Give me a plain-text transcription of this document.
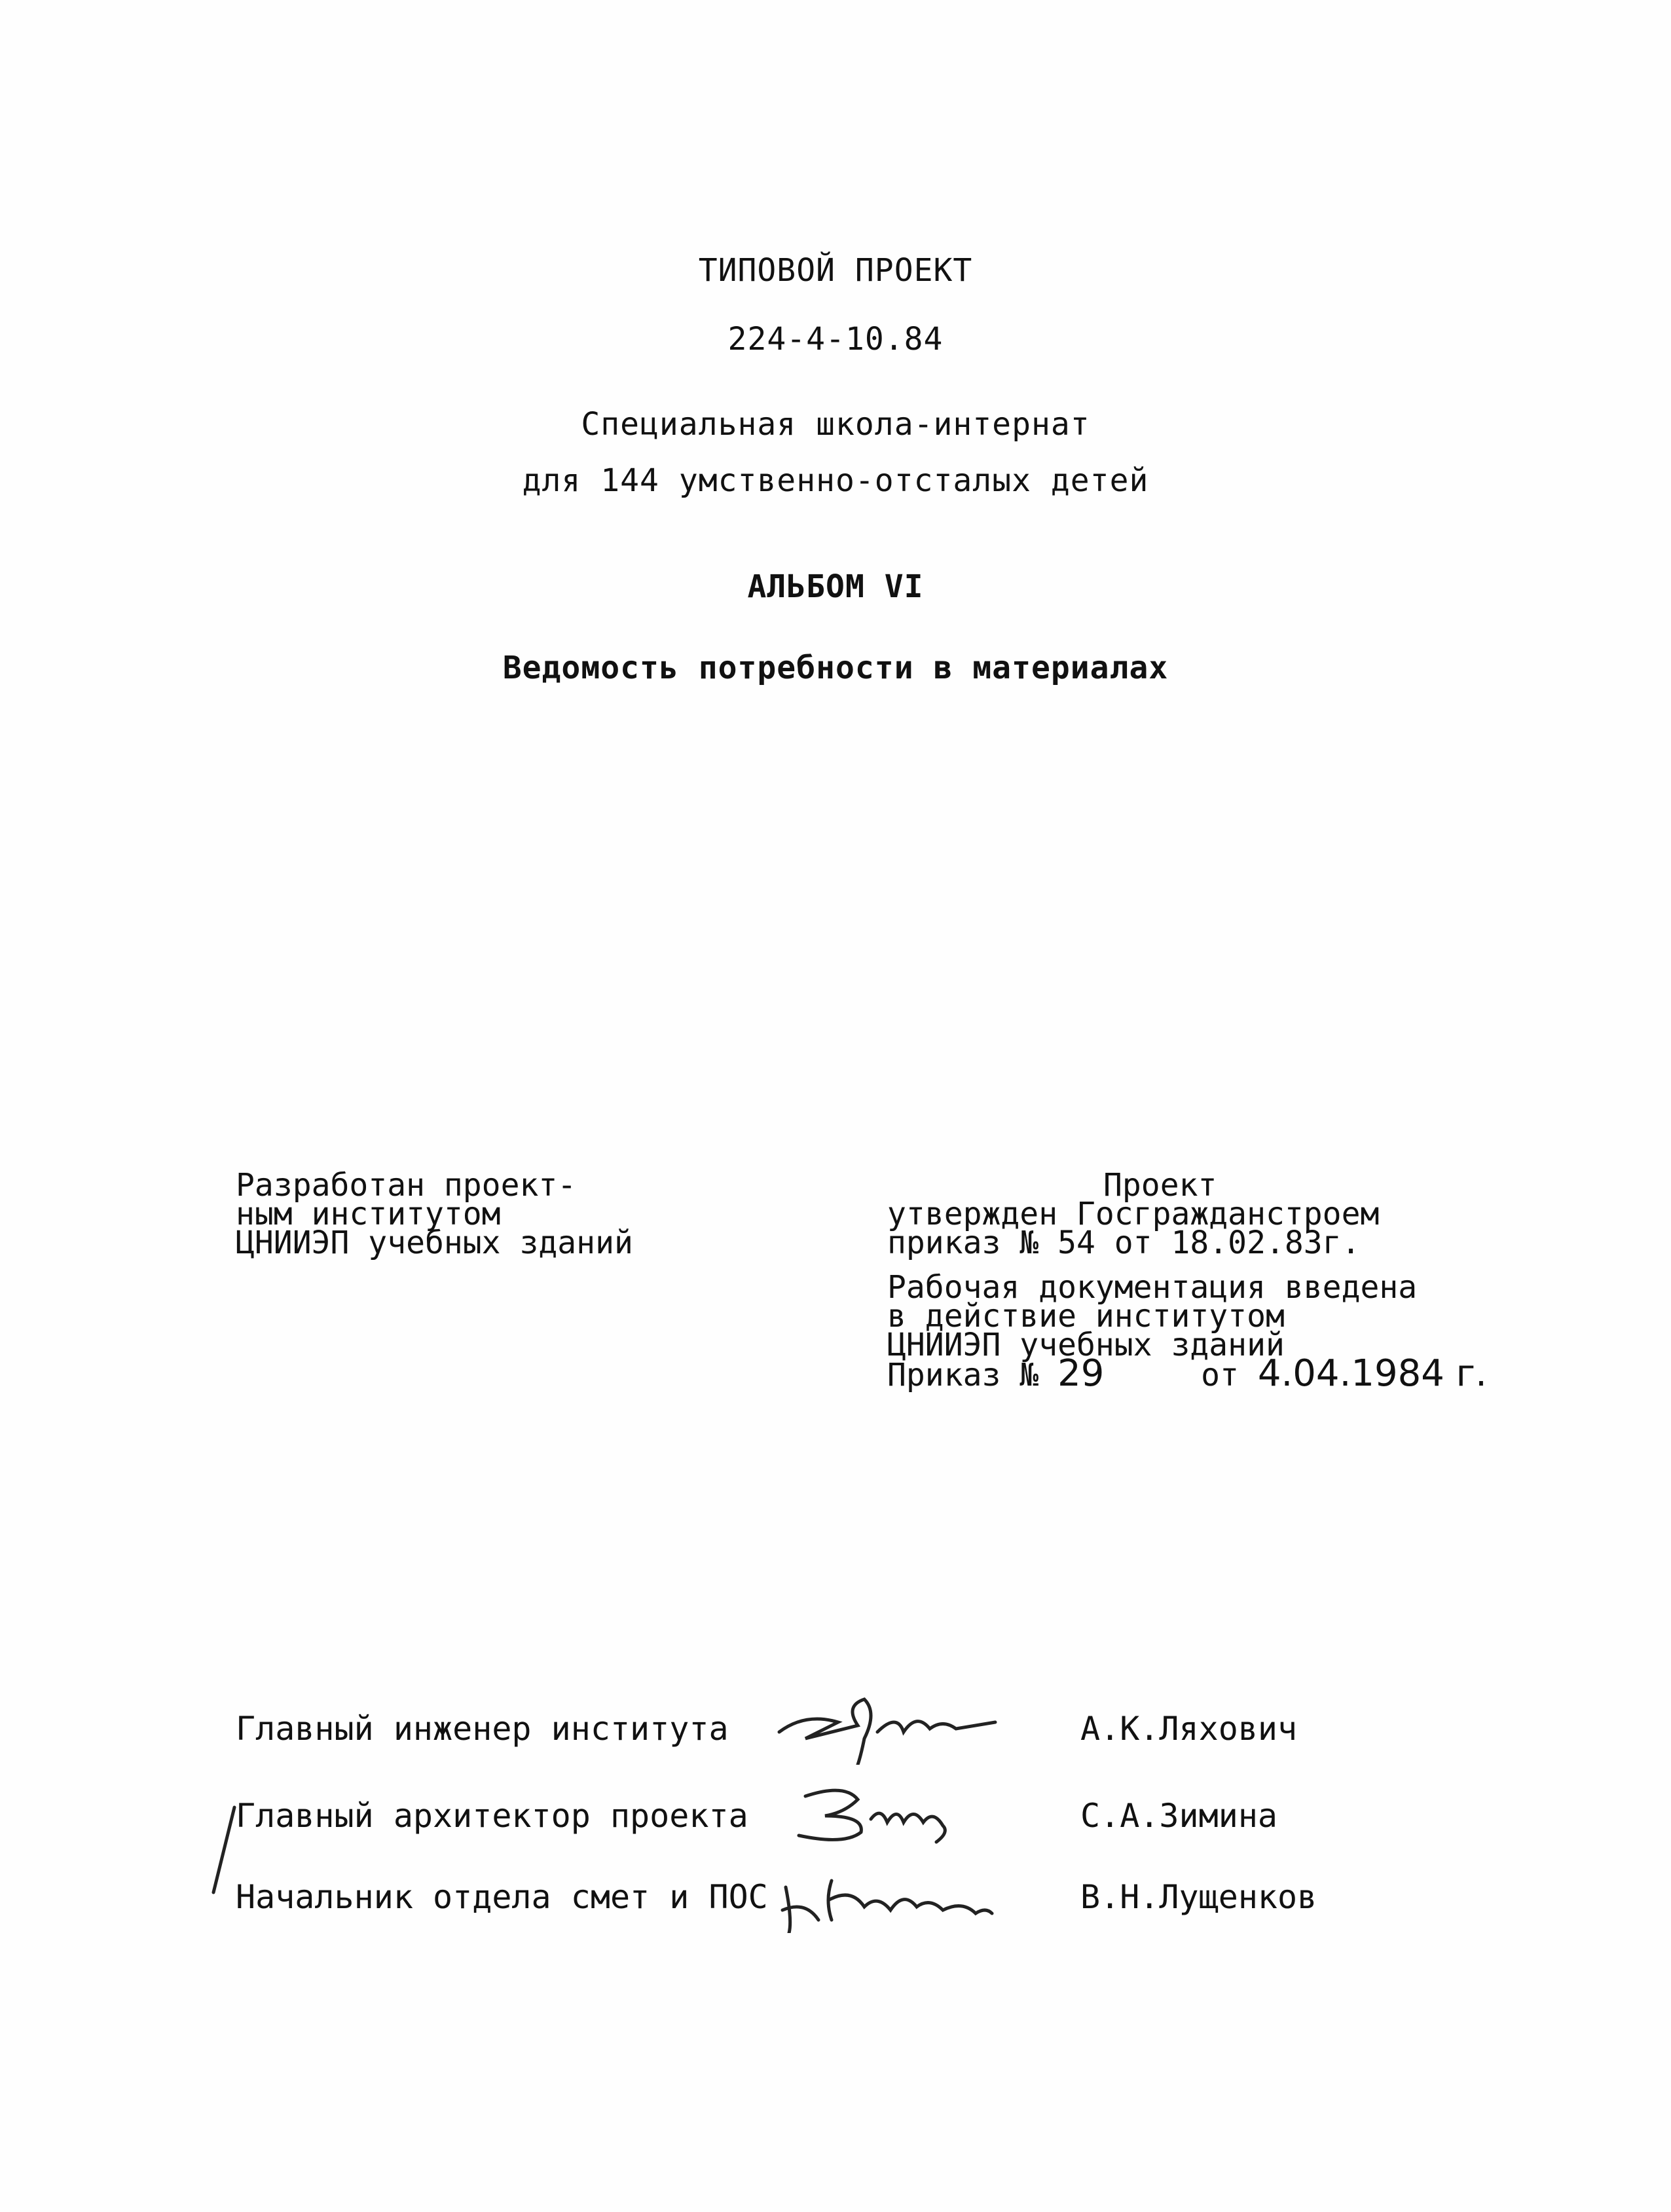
ТИПОВОЙ ПРОЕКТ
224-4-10.84
Специальная школа-интернат
для 144 умственно-отсталых детей
АЛЬБОМ VI
Ведомость потребности в материалах
Разработан проект-
ным институтом
ЦНИИЭП учебных зданий
Проект
утвержден Госгражданстроем
приказ № 54 от 18.02.83г.
Рабочая документация введена
в действие институтом
ЦНИИЭП учебных зданий
Приказ № 29	от 4.04.1984 г.
Главный инженер института	А.К.Ляхович
Главный архитектор проекта	С.А.Зимина
Начальник отдела смет и ПОС	В.Н.Лущенков
